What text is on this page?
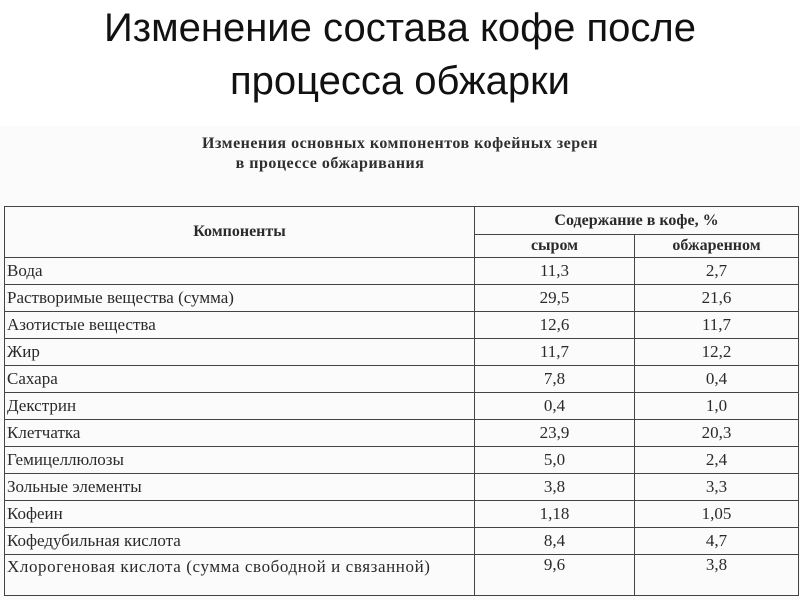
Изменение состава кофе после
процесса обжарки
Изменения основных компонентов кофейных зерен
в процессе обжаривания
Компоненты	Содержание в кофе, %	
	сыром	обжаренном
Вода	11,3	2,7
Растворимые вещества (сумма)	29,5	21,6
Азотистые вещества	12,6	11,7
Жир	11,7	12,2
Сахара	7,8	0,4
Декстрин	0,4	1,0
Клетчатка	23,9	20,3
Гемицеллюлозы	5,0	2,4
Зольные элементы	3,8	3,3
Кофеин	1,18	1,05
Кофедубильная кислота	8,4	4,7

Хлорогеновая кислота (сумма свободной и связанной)	9,6	3,8
